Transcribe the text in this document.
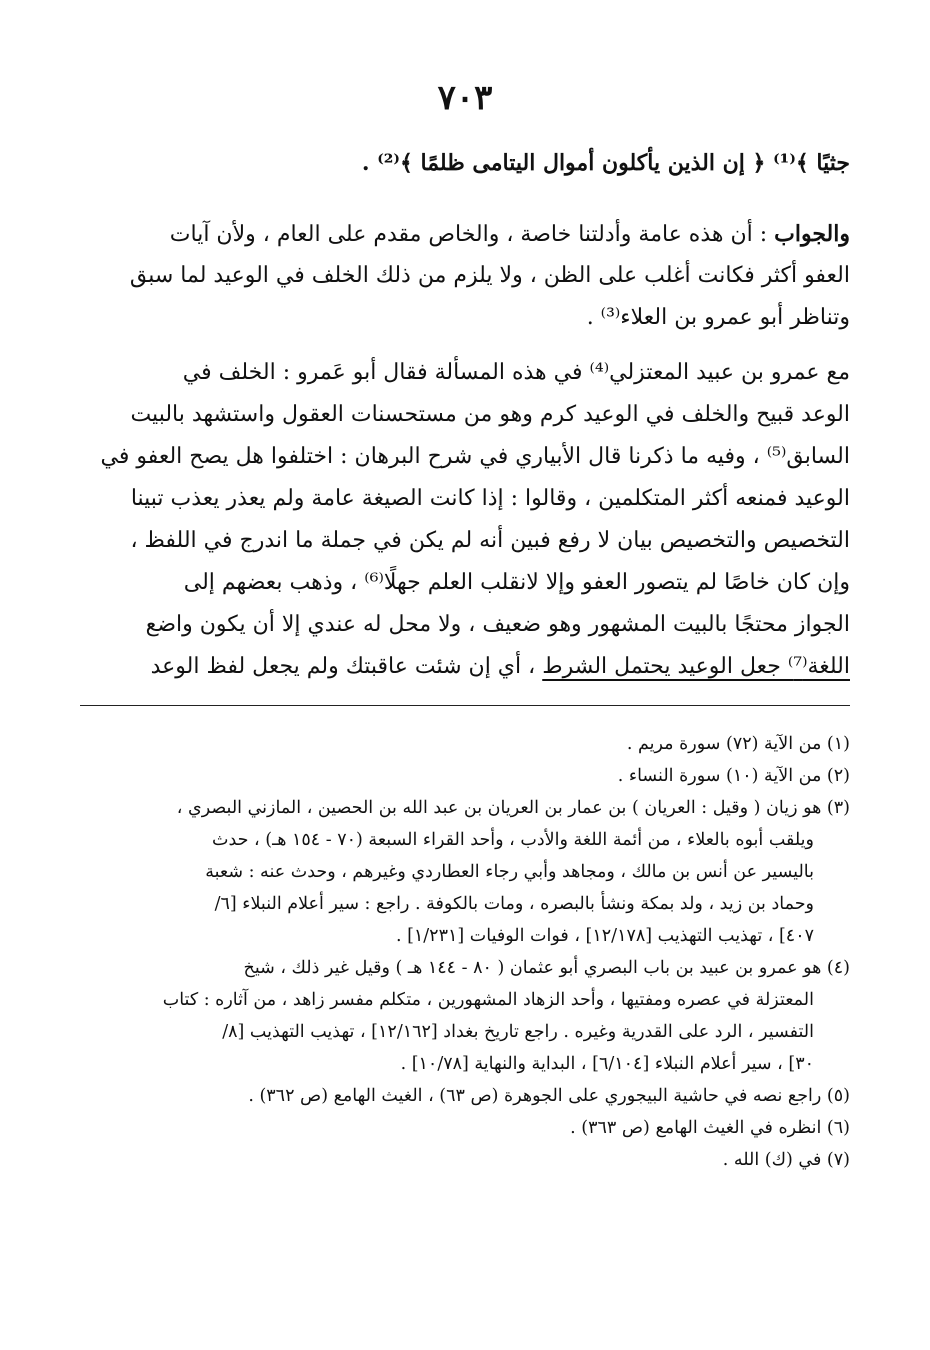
٧٠٣
جثيًا ﴾⁽¹⁾ ﴿ إن الذين يأكلون أموال اليتامى ظلمًا ﴾⁽²⁾ .
والجواب : أن هذه عامة وأدلتنا خاصة ، والخاص مقدم على العام ، ولأن آيات
العفو أكثر فكانت أغلب على الظن ، ولا يلزم من ذلك الخلف في الوعيد لما سبق
وتناظر أبو عمرو بن العلاء⁽³⁾ .
مع عمرو بن عبيد المعتزلي⁽⁴⁾ في هذه المسألة فقال أبو عَمرو : الخلف في
الوعد قبيح والخلف في الوعيد كرم وهو من مستحسنات العقول واستشهد بالبيت
السابق⁽⁵⁾ ، وفيه ما ذكرنا قال الأبياري في شرح البرهان : اختلفوا هل يصح العفو في
الوعيد فمنعه أكثر المتكلمين ، وقالوا : إذا كانت الصيغة عامة ولم يعذر يعذب تبينا
التخصيص والتخصيص بيان لا رفع فبين أنه لم يكن في جملة ما اندرج في اللفظ ،
وإن كان خاصًا لم يتصور العفو وإلا لانقلب العلم جهلًا⁽⁶⁾ ، وذهب بعضهم إلى
الجواز محتجًا بالبيت المشهور وهو ضعيف ، ولا محل له عندي إلا أن يكون واضع
اللغة⁽⁷⁾ جعل الوعيد يحتمل الشرط ، أي إن شئت عاقبتك ولم يجعل لفظ الوعد
(١) من الآية (٧٢) سورة مريم .
(٢) من الآية (١٠) سورة النساء .
(٣) هو زيان ( وقيل : العريان ) بن عمار بن العريان بن عبد الله بن الحصين ، المازني البصري ،
ويلقب أبوه بالعلاء ، من أئمة اللغة والأدب ، وأحد القراء السبعة (٧٠ - ١٥٤ هـ) ، حدث
باليسير عن أنس بن مالك ، ومجاهد وأبي رجاء العطاردي وغيرهم ، وحدث عنه : شعبة
وحماد بن زيد ، ولد بمكة ونشأ بالبصره ، ومات بالكوفة . راجع : سير أعلام النبلاء [٦/
٤٠٧] ، تهذيب التهذيب [١٢/١٧٨] ، فوات الوفيات [١/٢٣١] .
(٤) هو عمرو بن عبيد بن باب البصري أبو عثمان ( ٨٠ - ١٤٤ هـ ) وقيل غير ذلك ، شيخ
المعتزلة في عصره ومفتيها ، وأحد الزهاد المشهورين ، متكلم مفسر زاهد ، من آثاره : كتاب
التفسير ، الرد على القدرية وغيره . راجع تاريخ بغداد [١٢/١٦٢] ، تهذيب التهذيب [٨/
٣٠] ، سير أعلام النبلاء [٦/١٠٤] ، البداية والنهاية [١٠/٧٨] .
(٥) راجع نصه في حاشية البيجوري على الجوهرة (ص ٦٣) ، الغيث الهامع (ص ٣٦٢) .
(٦) انظره في الغيث الهامع (ص ٣٦٣) .
(٧) في (ك) الله .
